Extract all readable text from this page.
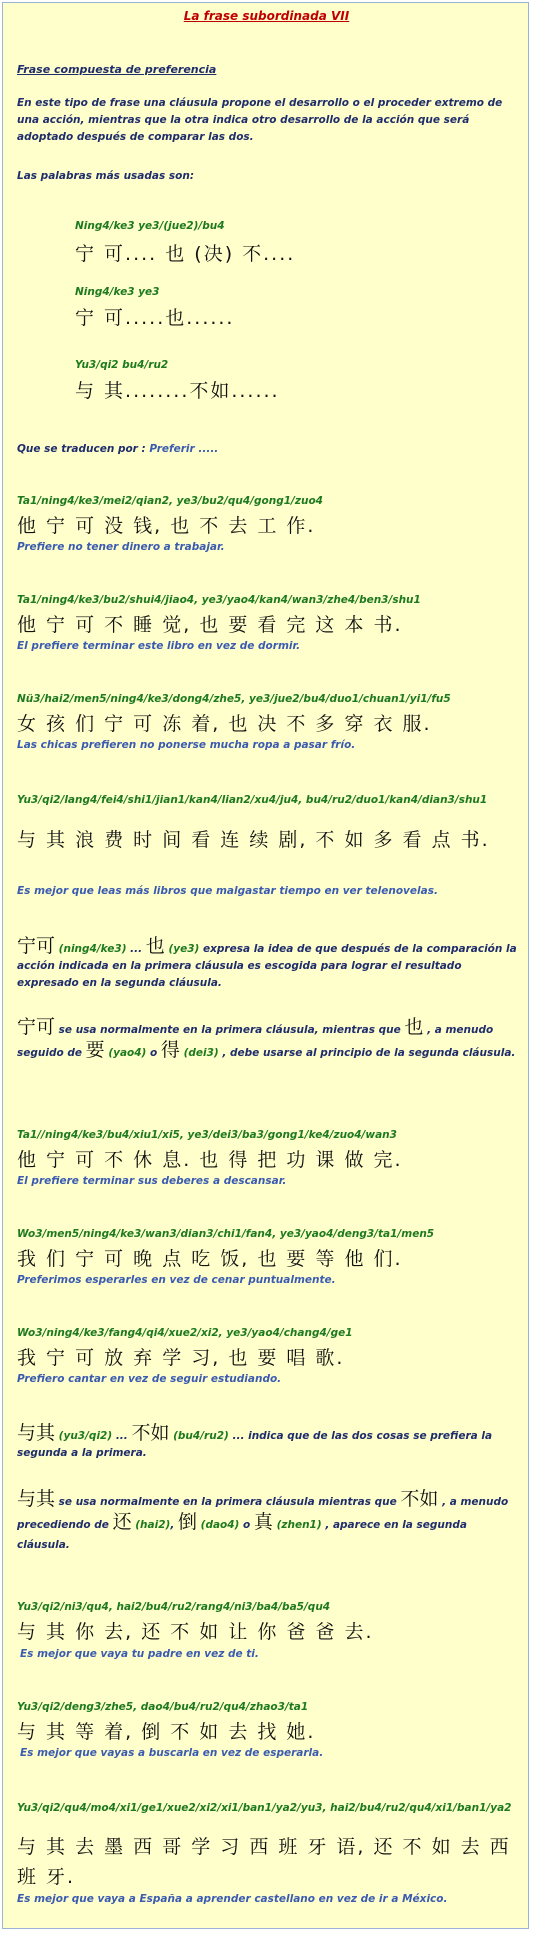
La frase subordinada VII

Frase compuesta de preferencia

En este tipo de frase una cláusula propone el desarrollo o el proceder extremo de una acción, mientras que la otra indica otro desarrollo de la acción que será adoptado después de comparar las dos.

Las palabras más usadas son:

Ning4/ke3 ye3/(jue2)/bu4

宁 可.... 也 (决) 不....

Ning4/ke3 ye3

宁 可.....也......

Yu3/qi2 bu4/ru2

与 其........不如......

Que se traducen por : Preferir .....

Ta1/ning4/ke3/mei2/qian2, ye3/bu2/qu4/gong1/zuo4

他 宁 可 没 钱, 也 不 去 工 作.

Prefiere no tener dinero a trabajar.

Ta1/ning4/ke3/bu2/shui4/jiao4, ye3/yao4/kan4/wan3/zhe4/ben3/shu1

他 宁 可 不 睡 觉, 也 要 看 完 这 本 书.

El prefiere terminar este libro en vez de dormir.

Nü3/hai2/men5/ning4/ke3/dong4/zhe5, ye3/jue2/bu4/duo1/chuan1/yi1/fu5

女 孩 们 宁 可 冻 着, 也 决 不 多 穿 衣 服.

Las chicas prefieren no ponerse mucha ropa a pasar frío.

Yu3/qi2/lang4/fei4/shi1/jian1/kan4/lian2/xu4/ju4, bu4/ru2/duo1/kan4/dian3/shu1

与 其 浪 费 时 间 看 连 续 剧, 不 如 多 看 点 书.

Es mejor que leas más libros que malgastar tiempo en ver telenovelas.

宁可 (ning4/ke3) ... 也 (ye3) expresa la idea de que después de la comparación la acción indicada en la primera cláusula es escogida para lograr el resultado expresado en la segunda cláusula.

宁可 se usa normalmente en la primera cláusula, mientras que 也 , a menudo seguido de 要 (yao4) o 得 (dei3) , debe usarse al principio de la segunda cláusula.

Ta1//ning4/ke3/bu4/xiu1/xi5, ye3/dei3/ba3/gong1/ke4/zuo4/wan3

他 宁 可 不 休 息. 也 得 把 功 课 做 完.

El prefiere terminar sus deberes a descansar.

Wo3/men5/ning4/ke3/wan3/dian3/chi1/fan4, ye3/yao4/deng3/ta1/men5

我 们 宁 可 晚 点 吃 饭, 也 要 等 他 们.

Preferimos esperarles en vez de cenar puntualmente.

Wo3/ning4/ke3/fang4/qi4/xue2/xi2, ye3/yao4/chang4/ge1

我 宁 可 放 弃 学 习, 也 要 唱 歌.

Prefiero cantar en vez de seguir estudiando.

与其 (yu3/qi2) ... 不如 (bu4/ru2) ... indica que de las dos cosas se prefiera la segunda a la primera.

与其 se usa normalmente en la primera cláusula mientras que 不如 , a menudo precediendo de 还 (hai2), 倒 (dao4) o 真 (zhen1) , aparece en la segunda cláusula.

Yu3/qi2/ni3/qu4, hai2/bu4/ru2/rang4/ni3/ba4/ba5/qu4

与 其 你 去, 还 不 如 让 你 爸 爸 去.

Es mejor que vaya tu padre en vez de ti.

Yu3/qi2/deng3/zhe5, dao4/bu4/ru2/qu4/zhao3/ta1

与 其 等 着, 倒 不 如 去 找 她.

Es mejor que vayas a buscarla en vez de esperarla.

Yu3/qi2/qu4/mo4/xi1/ge1/xue2/xi2/xi1/ban1/ya2/yu3, hai2/bu4/ru2/qu4/xi1/ban1/ya2

与 其 去 墨 西 哥 学 习 西 班 牙 语, 还 不 如 去 西 班 牙.

Es mejor que vaya a España a aprender castellano en vez de ir a México.
